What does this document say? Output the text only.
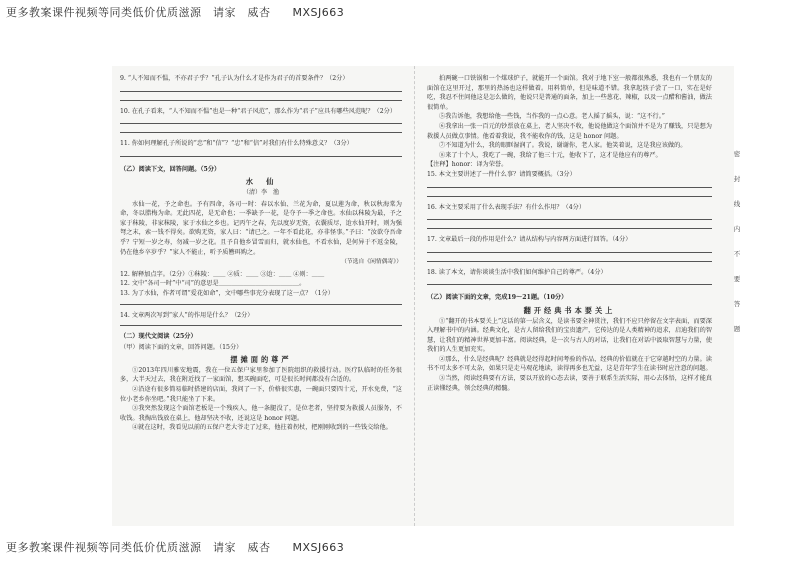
更多教案课件视频等同类低价优质滋源　请家　威杏 MXSJ663

9. “人不知而不愠，不亦君子乎？”孔子认为什么才是作为君子的首要条件？（2分）

10. 在孔子看来，“人不知而不愠”也是一种“君子风范”，那么作为“君子”应具有哪些风范呢？（2分）

11. 你如何理解孔子所说的“忠”和“信”？“忠”和“信”对我们有什么特殊意义？（3分）

（乙）阅读下文，回答问题。（5分）

水　仙
（清）李　渔

水仙一花，予之命也。予有四命，各司一时：春以水仙、兰花为命，夏以莲为命，秋以秋海棠为命，冬以腊梅为命。无此四花，是无命也；一季缺予一花，是夺予一季之命也。水仙以秣陵为最，予之家于秣陵，非家秣陵，家于水仙之乡也。记丙午之春，先以度岁无资，衣囊质尽，迨水仙开时，则为强弩之末，索一钱不得矣。欲购无资，家人曰：“请已之。一年不看此花，亦非怪事。”予曰：“汝欲夺吾命乎？宁短一岁之寿，勿减一岁之花。且予自他乡冒雪而归，就水仙也，不看水仙，是何异于不返金陵，仍在他乡卒岁乎？”家人不能止，听予质簪珥购之。

（节选自《闲情偶寄》）

12. 解释加点字。（2分）①秣陵：＿＿ ②质：＿＿ ③迨：＿＿ ④则：＿＿

12. 文中“各司一时”中“司”的意思是＿＿＿＿＿＿＿＿＿＿＿＿＿。

13. 为了水仙，作者可谓“爱花如命”，文中哪些事充分表现了这一点？（1分）

14. 文章两次写到“家人”的作用是什么？（2分）

（二）现代文阅读（25分）

（甲）阅读下面的文章，回答问题。（15分）

摆摊面的尊严

①2013年四川雅安地震，我在一位五保户家里参加了医院组织的救援行动。医疗队临时的任务很多，大半天过去，我在附近找了一家面馆，想买碗面吃，可是很长时间都没有合适的。

②沿途有很多简易临时搭建的店面，我问了一下，价格很实惠，一碗面只要四十元，开水免费，“这位小老乡你坐吧。”我只能坐了下来。

③我突然发现这个面馆老板是一个残疾人，他一条腿没了，是位老者，坚持要为救援人员服务，不收钱。我掏出钱放在桌上，他却坚决不收，还说这是 honor 问题。

④就在这时，我看见以前的五保户老大爷走了过来，他拄着拐杖，把刚刚收到的一些钱交给他。

拍两碗一口铁锅和一个煤球炉子，就能开一个面馆。我对于地下室一般都很熟悉，我也有一个朋友的面馆在这里开过，那里的热汤也这样做着。用料简单，但是味道不错。我拿起筷子尝了一口，实在是好吃，我忍不住问他这是怎么做的，他说只是普通的面条，加上一些葱花、辣椒，以及一点醋和酱油，做法很简单。

⑤我告诉他，我想给他一些钱，当作我的一点心意。老人摇了摇头，说：“这不行。”

⑥我拿出一张一百元的钞票放在桌上，老人坚决不收，他说他做这个面馆并不是为了赚钱，只是想为救援人员做点事情。他看着我说，我不能收你的钱，这是 honor 问题。

⑦不知道为什么，我的眼眶湿润了。我说，谢谢你，老人家。他笑着说，这是我应该做的。

⑧来了十个人，我吃了一碗，我给了他三十元，他收下了，这才是他应有的尊严。

【注释】honor：译为荣誉。

15. 本文主要讲述了一件什么事？请简要概括。（3分）

16. 本文主要采用了什么表现手法？有什么作用？（4分）

17. 文章最后一段的作用是什么？请从结构与内容两方面进行回答。（4分）

18. 读了本文，请你谈谈生活中我们如何维护自己的尊严。（4分）

（乙）阅读下面的文章，完成19～21题。（10分）

翻开经典书本要关上

①“翻开的书本要关上”这话的第一层含义，是读书要全神贯注，我们不应只停留在文字表面，而要深入理解书中的内涵。经典文化，是古人留给我们的宝贵遗产，它传达的是人类精神的追求，启迪我们的智慧，让我们的精神世界更加丰富。阅读经典，是一次与古人的对话，让我们在对话中汲取智慧与力量，使我们的人生更加充实。

②那么，什么是经典呢？经典就是经得起时间考验的作品，经典的价值就在于它穿越时空的力量。读书不可太多不可太杂，如果只是走马观花地读，读得再多也无益，这是青年学生在读书时应注意的问题。

③当然，阅读经典要有方法，要以开放的心态去读，要善于联系生活实际，用心去体悟，这样才能真正读懂经典，领会经典的精髓。

密
封
线
内
不
要
答
题
更多教案课件视频等同类低价优质滋源　请家　威杏 MXSJ663
